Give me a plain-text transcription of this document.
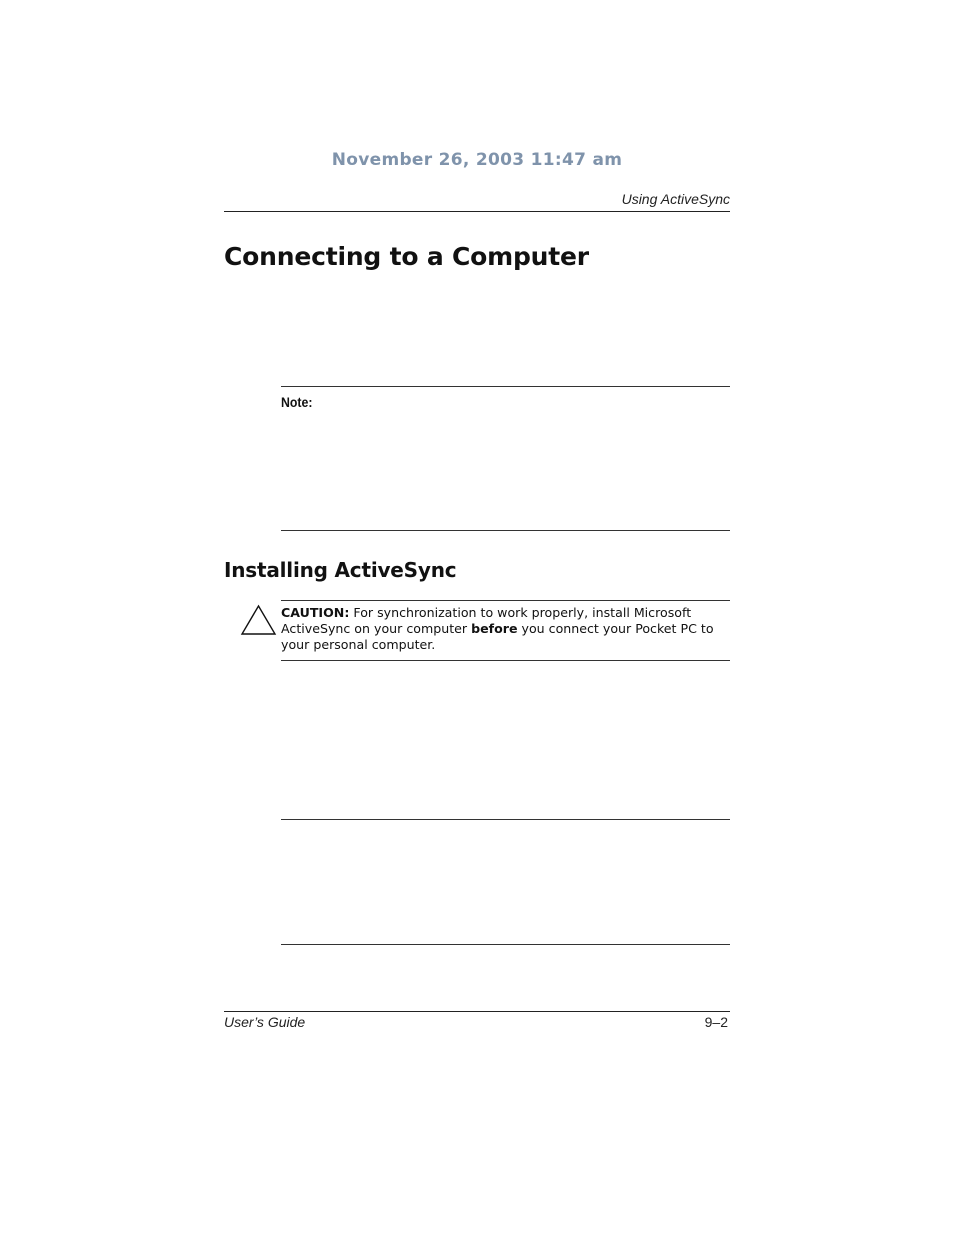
November 26, 2003 11:47 am
Using ActiveSync
Connecting to a Computer
Note:
Installing ActiveSync
CAUTION: For synchronization to work properly, install Microsoft ActiveSync on your computer before you connect your Pocket PC to your personal computer.
User’s Guide	9–2
